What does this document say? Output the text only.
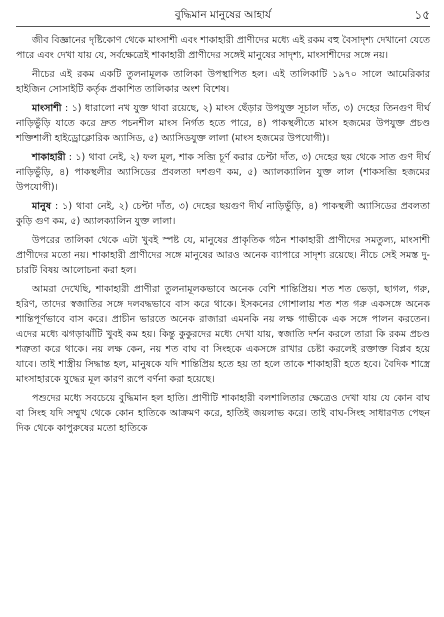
বুদ্ধিমান মানুষের আহার্য	১৫

জীব বিজ্ঞানের দৃষ্টিকোণ থেকে মাংসাশী এবং শাকাহারী প্রাণীদের মধ্যে এই রকম বহু বৈসাদৃশ্য দেখানো যেতে পারে এবং দেখা যায় যে, সর্বক্ষেত্রেই শাকাহারী প্রাণীদের সঙ্গেই মানুষের সাদৃশ্য, মাংসাশীদের সঙ্গে নয়।

নীচের এই রকম একটি তুলনামূলক তালিকা উপস্থাপিত হল। এই তালিকাটি ১৯৭০ সালে আমেরিকার হাইজিন সোসাইটি কর্তৃক প্রকাশিত তালিকার অংশ বিশেষ।

মাংসাশী : ১) ধারালো নখ যুক্ত থাবা রয়েছে, ২) মাংস ছেঁড়ার উপযুক্ত সূচাল দাঁত, ৩) দেহের তিনগুণ দীর্ঘ নাড়িভুঁড়ি যাতে করে দ্রুত পচনশীল মাংস নির্গত হতে পারে, ৪) পাকস্থলীতে মাংস হজমের উপযুক্ত প্রচণ্ড শক্তিশালী হাইড্রোক্লোরিক অ্যাসিড, ৫) অ্যাসিডযুক্ত লালা (মাংস হজমের উপযোগী)।

শাকাহারী : ১) থাবা নেই, ২) ফল মূল, শাক সব্জি চূর্ণ করার চেপ্টা দাঁত, ৩) দেহের ছয় থেকে সাত গুণ দীর্ঘ নাড়িভুঁড়ি, ৪) পাকস্থলীর অ্যাসিডের প্রবলতা দশগুণ কম, ৫) অ্যালক্যালিন যুক্ত লাল (শাকসব্জি হজমের উপযোগী)।

মানুষ : ১) থাবা নেই, ২) চেপ্টা দাঁত, ৩) দেহের ছয়গুণ দীর্ঘ নাড়িভুঁড়ি, ৪) পাকস্থলী অ্যাসিডের প্রবলতা কুড়ি গুণ কম, ৫) অ্যালক্যালিন যুক্ত লালা।

উপরের তালিকা থেকে এটা খুবই স্পষ্ট যে, মানুষের প্রাকৃতিক গঠন শাকাহারী প্রাণীদের সমতুল্য, মাংসাশী প্রাণীদের মতো নয়। শাকাহারী প্রাণীদের সঙ্গে মানুষের আরও অনেক ব্যাপারে সাদৃশ্য রয়েছে। নীচে সেই সমস্ত দু-চারটি বিষয় আলোচনা করা হল।

আমরা দেখেছি, শাকাহারী প্রাণীরা তুলনামূলকভাবে অনেক বেশি শান্তিপ্রিয়। শত শত ভেড়া, ছাগল, গরু, হরিণ, তাদের স্বজাতির সঙ্গে দলবদ্ধভাবে বাস করে থাকে। ইসকনের গোশালায় শত শত গরু একসঙ্গে অনেক শান্তিপূর্ণভাবে বাস করে। প্রাচীন ভারতে অনেক রাজারা এমনকি নয় লক্ষ গাভীকে এক সঙ্গে পালন করতেন। এদের মধ্যে ঝগড়াঝাঁটি খুবই কম হয়। কিন্তু কুকুরদের মধ্যে দেখা যায়, স্বজাতি দর্শন করলে তারা কি রকম প্রচণ্ড শত্রুতা করে থাকে। নয় লক্ষ কেন, নয় শত বাঘ বা সিংহকে একসঙ্গে রাখার চেষ্টা করলেই রক্তাক্ত বিপ্লব হয়ে যাবে। তাই শাস্ত্রীয় সিদ্ধান্ত হল, মানুষকে যদি শান্তিপ্রিয় হতে হয় তা হলে তাকে শাকাহারী হতে হবে। বৈদিক শাস্ত্রে মাংসাহারকে যুদ্ধের মূল কারণ রূপে বর্ণনা করা হয়েছে।

পশুদের মধ্যে সবচেয়ে বুদ্ধিমান হল হাতি। প্রাণীটি শাকাহারী বলশালিতার ক্ষেত্রেও দেখা যায় যে কোন বাঘ বা সিংহ যদি সম্মুখ থেকে কোন হাতিকে আক্রমণ করে, হাতিই জয়লাভ করে। তাই বাঘ-সিংহ সাধারণত পেছন দিক থেকে কাপুরুষের মতো হাতিকে
